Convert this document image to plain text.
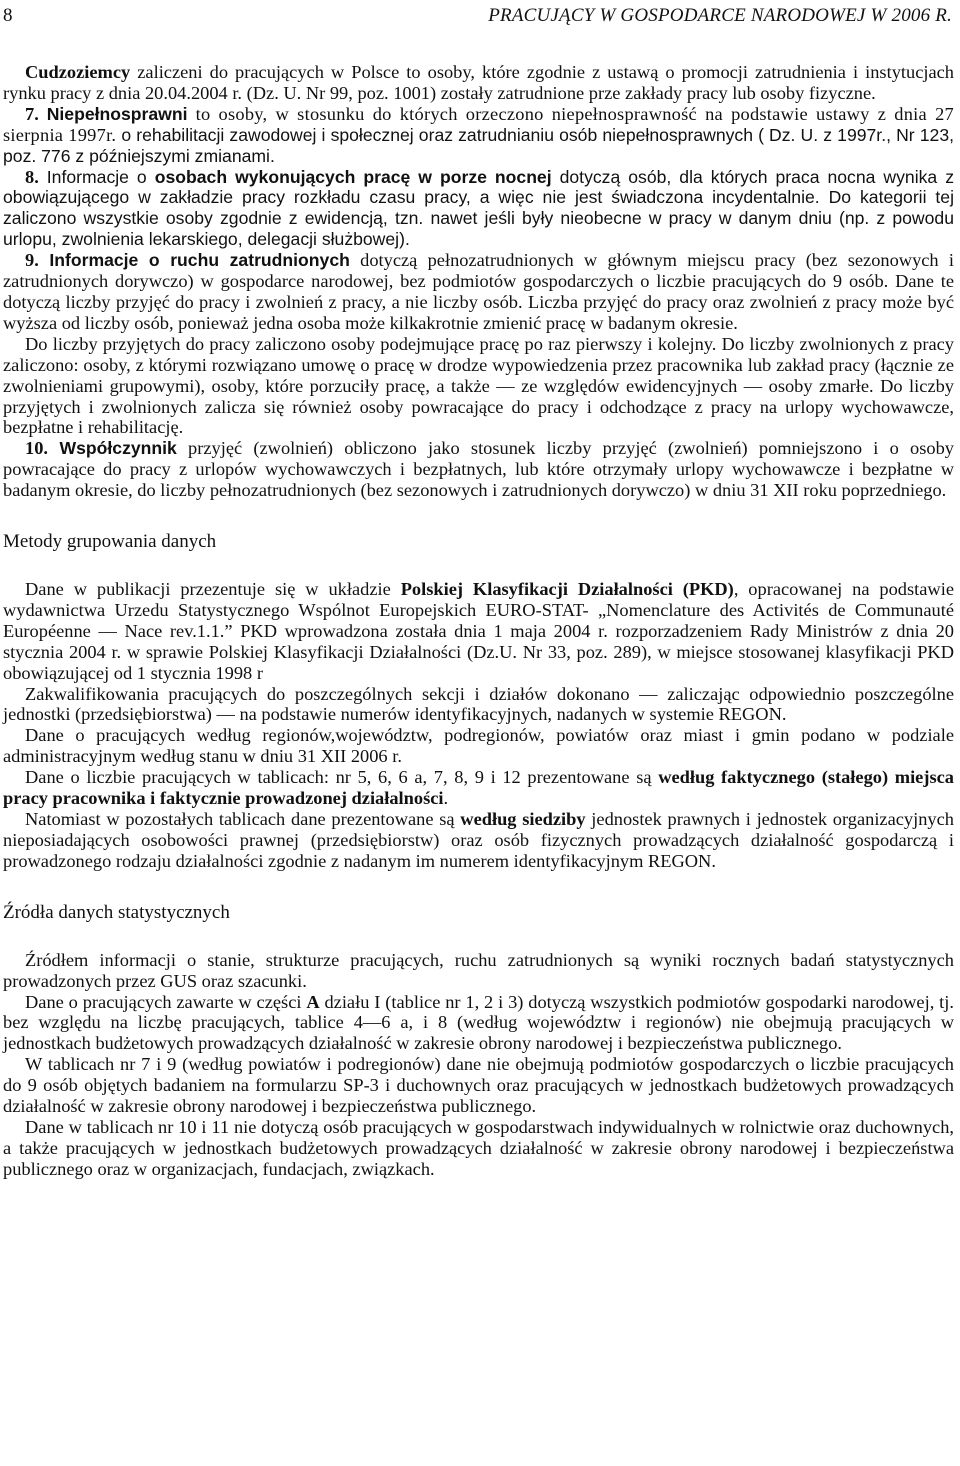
8	PRACUJĄCY W GOSPODARCE NARODOWEJ W 2006 R.

Cudzoziemcy zaliczeni do pracujących w Polsce to osoby, które zgodnie z ustawą o promocji zatrudnienia i instytucjach rynku pracy z dnia 20.04.2004 r. (Dz. U. Nr 99, poz. 1001) zostały zatrudnione prze zakłady pracy lub osoby fizyczne.

7. Niepełnosprawni to osoby, w stosunku do których orzeczono niepełnosprawność na podstawie ustawy z dnia 27 sierpnia 1997r. o rehabilitacji zawodowej i społecznej oraz zatrudnianiu osób niepełnosprawnych ( Dz. U. z 1997r., Nr 123, poz. 776 z późniejszymi zmianami.

8. Informacje o osobach wykonujących pracę w porze nocnej dotyczą osób, dla których praca nocna wynika z obowiązującego w zakładzie pracy rozkładu czasu pracy, a więc nie jest świadczona incydentalnie. Do kategorii tej zaliczono wszystkie osoby zgodnie z ewidencją, tzn. nawet jeśli były nieobecne w pracy w danym dniu (np. z powodu urlopu, zwolnienia lekarskiego, delegacji służbowej).

9. Informacje o ruchu zatrudnionych dotyczą pełnozatrudnionych w głównym miejscu pracy (bez sezonowych i zatrudnionych dorywczo) w gospodarce narodowej, bez podmiotów gospodarczych o liczbie pracujących do 9 osób. Dane te dotyczą liczby przyjęć do pracy i zwolnień z pracy, a nie liczby osób. Liczba przyjęć do pracy oraz zwolnień z pracy może być wyższa od liczby osób, ponieważ jedna osoba może kilkakrotnie zmienić pracę w badanym okresie.

Do liczby przyjętych do pracy zaliczono osoby podejmujące pracę po raz pierwszy i kolejny. Do liczby zwolnionych z pracy zaliczono: osoby, z którymi rozwiązano umowę o pracę w drodze wypowiedzenia przez pracownika lub zakład pracy (łącznie ze zwolnieniami grupowymi), osoby, które porzuciły pracę, a także — ze względów ewidencyjnych — osoby zmarłe. Do liczby przyjętych i zwolnionych zalicza się również osoby powracające do pracy i odchodzące z pracy na urlopy wychowawcze, bezpłatne i rehabilitację.

10. Współczynnik przyjęć (zwolnień) obliczono jako stosunek liczby przyjęć (zwolnień) pomniejszono i o osoby powracające do pracy z urlopów wychowawczych i bezpłatnych, lub które otrzymały urlopy wychowawcze i bezpłatne w badanym okresie, do liczby pełnozatrudnionych (bez sezonowych i zatrudnionych dorywczo) w dniu 31 XII roku poprzedniego.

Metody grupowania danych

Dane w publikacji przezentuje się w układzie Polskiej Klasyfikacji Działalności (PKD), opracowanej na podstawie wydawnictwa Urzedu Statystycznego Wspólnot Europejskich EURO-STAT- „Nomenclature des Activités de Communauté Européenne — Nace rev.1.1.” PKD wprowadzona została dnia 1 maja 2004 r. rozporzadzeniem Rady Ministrów z dnia 20 stycznia 2004 r. w sprawie Polskiej Klasyfikacji Działalności (Dz.U. Nr 33, poz. 289), w miejsce stosowanej klasyfikacji PKD obowiązującej od 1 stycznia 1998 r

Zakwalifikowania pracujących do poszczególnych sekcji i działów dokonano — zaliczając odpowiednio poszczególne jednostki (przedsiębiorstwa) — na podstawie numerów identyfikacyjnych, nadanych w systemie REGON.

Dane o pracujących według regionów,województw, podregionów, powiatów oraz miast i gmin podano w podziale administracyjnym według stanu w dniu 31 XII 2006 r.

Dane o liczbie pracujących w tablicach: nr 5, 6, 6 a, 7, 8, 9 i 12 prezentowane są według faktycznego (stałego) miejsca pracy pracownika i faktycznie prowadzonej działalności.

Natomiast w pozostałych tablicach dane prezentowane są według siedziby jednostek prawnych i jednostek organizacyjnych nieposiadających osobowości prawnej (przedsiębiorstw) oraz osób fizycznych prowadzących działalność gospodarczą i prowadzonego rodzaju działalności zgodnie z nadanym im numerem identyfikacyjnym REGON.

Źródła danych statystycznych

Źródłem informacji o stanie, strukturze pracujących, ruchu zatrudnionych są wyniki rocznych badań statystycznych prowadzonych przez GUS oraz szacunki.

Dane o pracujących zawarte w części A działu I (tablice nr 1, 2 i 3) dotyczą wszystkich podmiotów gospodarki narodowej, tj. bez względu na liczbę pracujących, tablice 4—6 a, i 8 (według województw i regionów) nie obejmują pracujących w jednostkach budżetowych prowadzących działalność w zakresie obrony narodowej i bezpieczeństwa publicznego.

W tablicach nr 7 i 9 (według powiatów i podregionów) dane nie obejmują podmiotów gospodarczych o liczbie pracujących do 9 osób objętych badaniem na formularzu SP-3 i duchownych oraz pracujących w jednostkach budżetowych prowadzących działalność w zakresie obrony narodowej i bezpieczeństwa publicznego.

Dane w tablicach nr 10 i 11 nie dotyczą osób pracujących w gospodarstwach indywidualnych w rolnictwie oraz duchownych, a także pracujących w jednostkach budżetowych prowadzących działalność w zakresie obrony narodowej i bezpieczeństwa publicznego oraz w organizacjach, fundacjach, związkach.
